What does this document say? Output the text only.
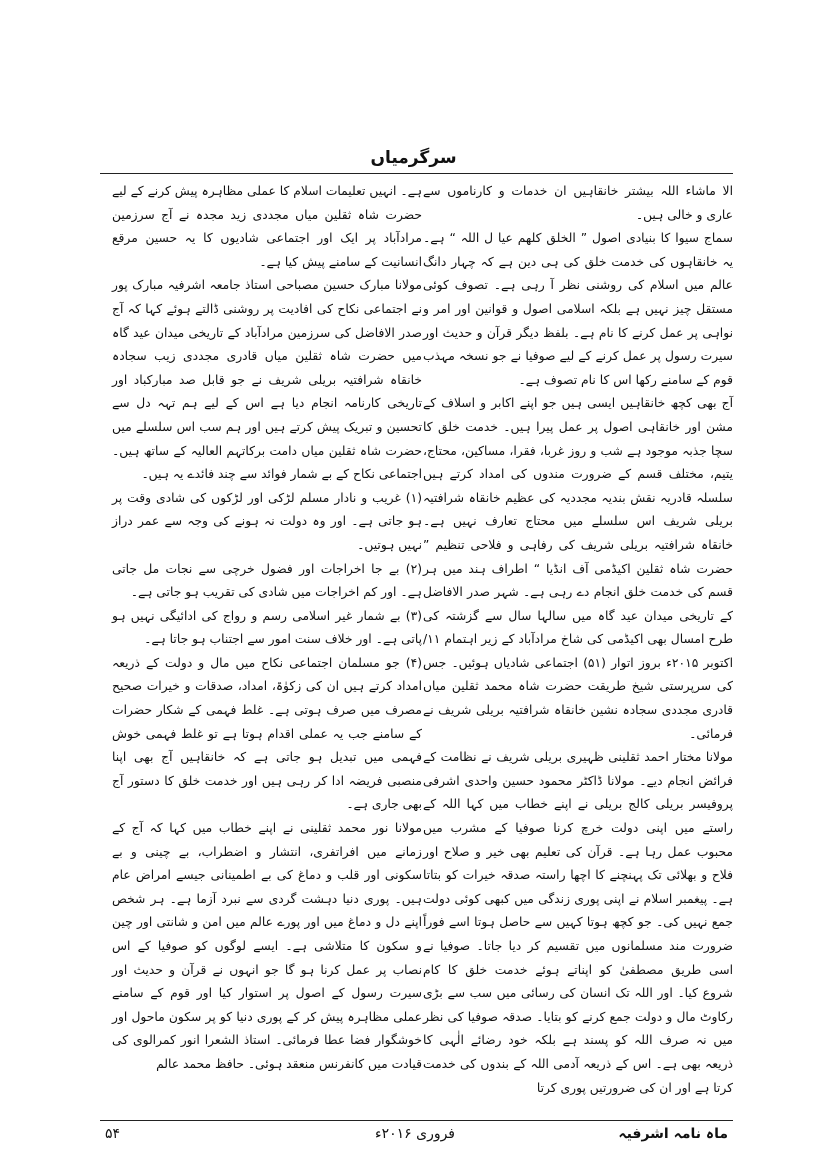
سرگرمیاں

الا ماشاء اللہ بیشتر خانقاہیں ان خدمات و کارناموں سے عاری و خالی ہیں۔

سماج سیوا کا بنیادی اصول ” الخلق کلھم عیا ل اللہ “ ہے۔ یہ خانقاہوں کی خدمت خلق کی ہی دین ہے کہ چہار دانگ عالم میں اسلام کی روشنی نظر آ رہی ہے۔ تصوف کوئی مستقل چیز نہیں ہے بلکہ اسلامی اصول و قوانین اور امر و نواہی پر عمل کرنے کا نام ہے۔ بلفظ دیگر قرآن و حدیث اور سیرت رسول پر عمل کرنے کے لیے صوفیا نے جو نسخہ مہذب قوم کے سامنے رکھا اس کا نام تصوف ہے۔

آج بھی کچھ خانقاہیں ایسی ہیں جو اپنے اکابر و اسلاف کے مشن اور خانقاہی اصول پر عمل پیرا ہیں۔ خدمت خلق کا سچا جذبہ موجود ہے شب و روز غربا، فقرا، مساکین، محتاج، یتیم، مختلف قسم کے ضرورت مندوں کی امداد کرتے ہیں سلسلہ قادریہ نقش بندیہ مجددیہ کی عظیم خانقاہ شرافتیہ بریلی شریف اس سلسلے میں محتاج تعارف نہیں ہے۔ خانقاہ شرافتیہ بریلی شریف کی رفاہی و فلاحی تنظیم ” حضرت شاہ ثقلین اکیڈمی آف انڈیا “ اطراف ہند میں ہر قسم کی خدمت خلق انجام دے رہی ہے۔ شہر صدر الافاضل کے تاریخی میدان عید گاہ میں سالہا سال سے گزشتہ کی طرح امسال بھی اکیڈمی کی شاخ مرادآباد کے زیر اہتمام ۱۱/ اکتوبر ۲۰۱۵ء بروز اتوار (۵۱) اجتماعی شادیاں ہوئیں۔ جس کی سرپرستی شیخ طریقت حضرت شاہ محمد ثقلین میاں قادری مجددی سجادہ نشین خانقاہ شرافتیہ بریلی شریف نے فرمائی۔

مولانا مختار احمد ثقلینی ظہیری بریلی شریف نے نظامت کے فرائض انجام دیے۔ مولانا ڈاکٹر محمود حسین واحدی اشرفی پروفیسر بریلی کالج بریلی نے اپنے خطاب میں کہا اللہ کے راستے میں اپنی دولت خرچ کرنا صوفیا کے مشرب میں محبوب عمل رہا ہے۔ قرآن کی تعلیم بھی خیر و صلاح اور فلاح و بھلائی تک پہنچنے کا اچھا راستہ صدقہ خیرات کو بتاتا ہے۔ پیغمبر اسلام نے اپنی پوری زندگی میں کبھی کوئی دولت جمع نہیں کی۔ جو کچھ ہوتا کہیں سے حاصل ہوتا اسے فوراً ضرورت مند مسلمانوں میں تقسیم کر دیا جاتا۔ صوفیا نے اسی طریق مصطفیٰ کو اپناتے ہوئے خدمت خلق کا کام شروع کیا۔ اور اللہ تک انسان کی رسائی میں سب سے بڑی رکاوٹ مال و دولت جمع کرنے کو بتایا۔ صدقہ صوفیا کی نظر میں نہ صرف اللہ کو پسند ہے بلکہ خود رضائے الٰہی کا ذریعہ بھی ہے۔ اس کے ذریعہ آدمی اللہ کے بندوں کی خدمت کرتا ہے اور ان کی ضرورتیں پوری کرتا

ہے۔ انہیں تعلیمات اسلام کا عملی مظاہرہ پیش کرنے کے لیے حضرت شاہ ثقلین میاں مجددی زید مجدہ نے آج سرزمین مرادآباد پر ایک اور اجتماعی شادیوں کا یہ حسین مرقع انسانیت کے سامنے پیش کیا ہے۔

مولانا مبارک حسین مصباحی استاذ جامعہ اشرفیہ مبارک پور نے اجتماعی نکاح کی افادیت پر روشنی ڈالتے ہوئے کہا کہ آج صدر الافاضل کی سرزمین مرادآباد کے تاریخی میدان عید گاہ میں حضرت شاہ ثقلین میاں قادری مجددی زیب سجادہ خانقاہ شرافتیہ بریلی شریف نے جو قابل صد مبارکباد اور تاریخی کارنامہ انجام دیا ہے اس کے لیے ہم تہہ دل سے تحسین و تبریک پیش کرتے ہیں اور ہم سب اس سلسلے میں حضرت شاہ ثقلین میاں دامت برکاتہم العالیہ کے ساتھ ہیں۔ اجتماعی نکاح کے بے شمار فوائد سے چند فائدے یہ ہیں۔

(۱) غریب و نادار مسلم لڑکی اور لڑکوں کی شادی وقت پر ہو جاتی ہے۔ اور وہ دولت نہ ہونے کی وجہ سے عمر دراز نہیں ہوتیں۔

(۲) بے جا اخراجات اور فضول خرچی سے نجات مل جاتی ہے۔ اور کم اخراجات میں شادی کی تقریب ہو جاتی ہے۔

(۳) بے شمار غیر اسلامی رسم و رواج کی ادائیگی نہیں ہو پاتی ہے۔ اور خلاف سنت امور سے اجتناب ہو جاتا ہے۔

(۴) جو مسلمان اجتماعی نکاح میں مال و دولت کے ذریعہ امداد کرتے ہیں ان کی زکوٰۃ، امداد، صدقات و خیرات صحیح مصرف میں صرف ہوتی ہے۔ غلط فہمی کے شکار حضرات کے سامنے جب یہ عملی اقدام ہوتا ہے تو غلط فہمی خوش فہمی میں تبدیل ہو جاتی ہے کہ خانقاہیں آج بھی اپنا منصبی فریضہ ادا کر رہی ہیں اور خدمت خلق کا دستور آج بھی جاری ہے۔

مولانا نور محمد ثقلینی نے اپنے خطاب میں کہا کہ آج کے زمانے میں افراتفری، انتشار و اضطراب، بے چینی و بے سکونی اور قلب و دماغ کی بے اطمینانی جیسے امراض عام ہیں۔ پوری دنیا دہشت گردی سے نبرد آزما ہے۔ ہر شخص اپنے دل و دماغ میں اور پورے عالم میں امن و شانتی اور چین و سکون کا متلاشی ہے۔ ایسے لوگوں کو صوفیا کے اس نصاب پر عمل کرنا ہو گا جو انہوں نے قرآن و حدیث اور سیرت رسول کے اصول پر استوار کیا اور قوم کے سامنے عملی مظاہرہ پیش کر کے پوری دنیا کو پر سکون ماحول اور خوشگوار فضا عطا فرمائی۔ استاذ الشعرا انور کمرالوی کی قیادت میں کانفرنس منعقد ہوئی۔ حافظ محمد عالم

ماہ نامہ اشرفیہ
فروری ۲۰۱۶ء
۵۴
